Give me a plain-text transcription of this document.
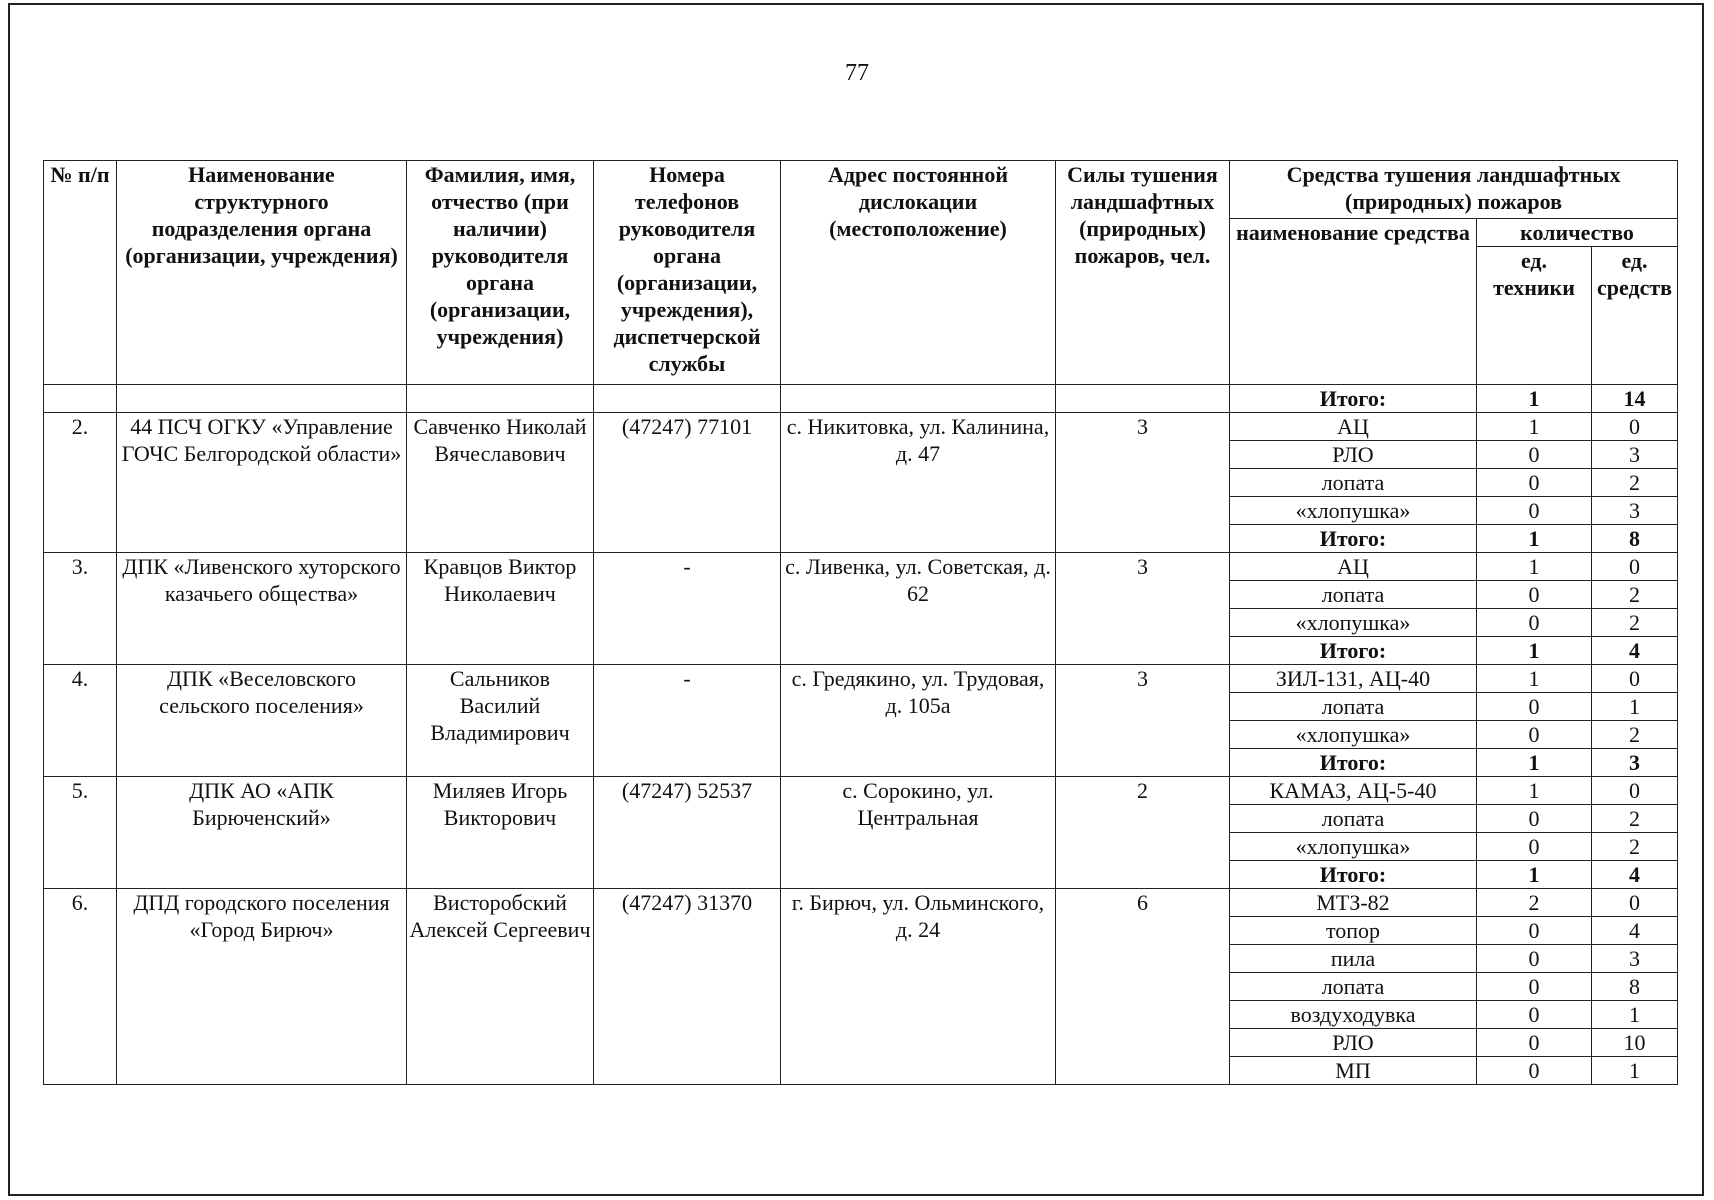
77
№ п/п	Наименование структурного подразделения органа (организации, учреждения)	Фамилия, имя, отчество (при наличии) руководителя органа (организации, учреждения)	Номера телефонов руководителя органа (организации, учреждения), диспетчерской службы	Адрес постоянной дислокации (местоположение)	Силы тушения ландшафтных (природных) пожаров, чел.	Средства тушения ландшафтных (природных) пожаров		
						наименование средства	количество	
							ед. техники	ед. средств
						Итого:	1	14
2.	44 ПСЧ ОГКУ «Управление ГОЧС Белгородской области»	Савченко Николай Вячеславович	(47247) 77101	с. Никитовка, ул. Калинина, д. 47	3	АЦ	1	0
						РЛО	0	3
						лопата	0	2
						«хлопушка»	0	3
						Итого:	1	8
3.	ДПК «Ливенского хуторского казачьего общества»	Кравцов Виктор Николаевич	-	с. Ливенка, ул. Советская, д. 62	3	АЦ	1	0
						лопата	0	2
						«хлопушка»	0	2
						Итого:	1	4
4.	ДПК «Веселовского сельского поселения»	Сальников Василий Владимирович	-	с. Гредякино, ул. Трудовая, д. 105а	3	ЗИЛ-131, АЦ-40	1	0
						лопата	0	1
						«хлопушка»	0	2
						Итого:	1	3
5.	ДПК АО «АПК Бирюченский»	Миляев Игорь Викторович	(47247) 52537	с. Сорокино, ул. Центральная	2	КАМАЗ, АЦ-5-40	1	0
						лопата	0	2
						«хлопушка»	0	2
						Итого:	1	4
6.	ДПД городского поселения «Город Бирюч»	Висторобский Алексей Сергеевич	(47247) 31370	г. Бирюч, ул. Ольминского, д. 24	6	МТЗ-82	2	0
						топор	0	4
						пила	0	3
						лопата	0	8
						воздуходувка	0	1
						РЛО	0	10
						МП	0	1
